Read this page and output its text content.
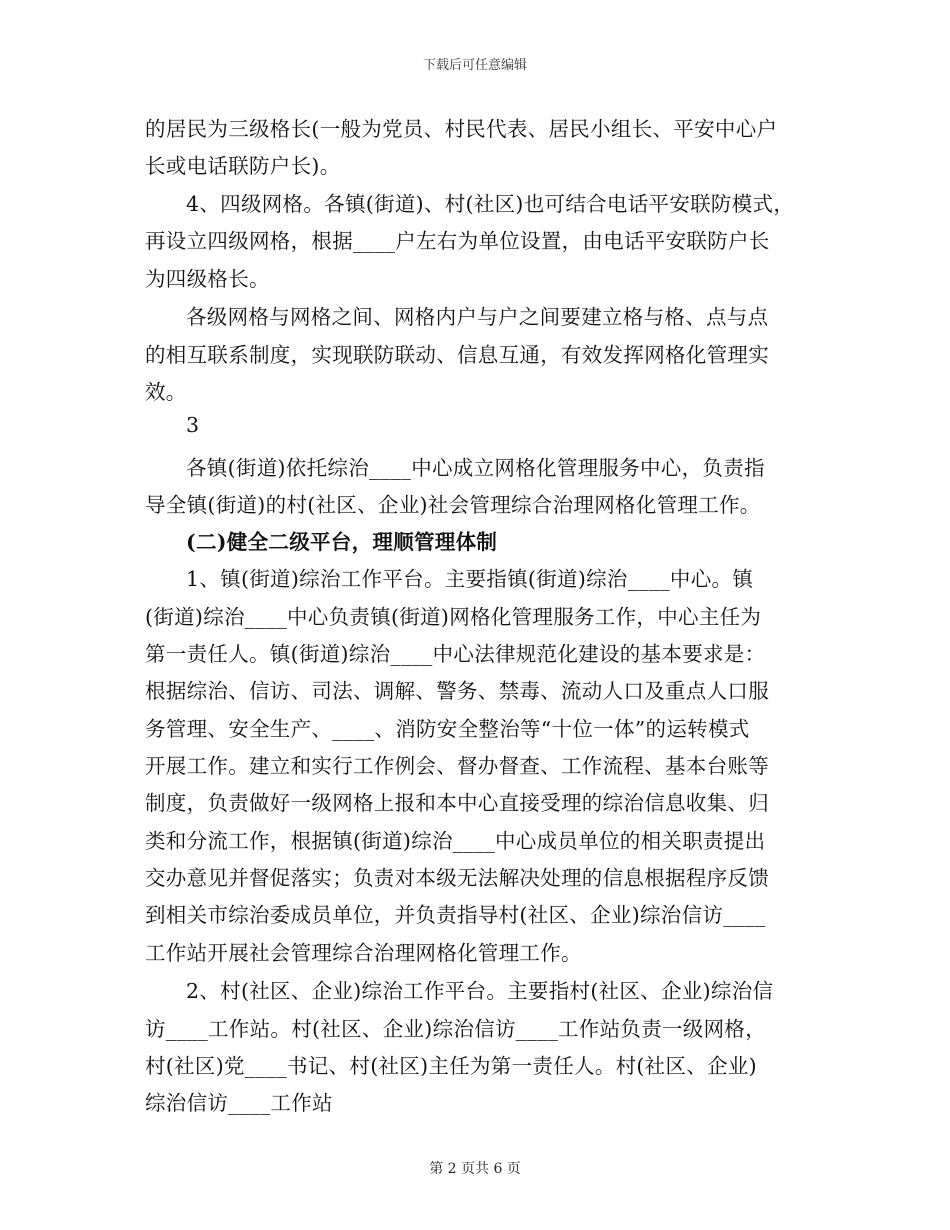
下载后可任意编辑
的居民为三级格长(一般为党员、村民代表、居民小组长、平安中心户
长或电话联防户长)。
4、四级网格。各镇(街道)、村(社区)也可结合电话平安联防模式，
再设立四级网格，根据____户左右为单位设置，由电话平安联防户长
为四级格长。
各级网格与网格之间、网格内户与户之间要建立格与格、点与点
的相互联系制度，实现联防联动、信息互通，有效发挥网格化管理实
效。
3
各镇(街道)依托综治____中心成立网格化管理服务中心，负责指
导全镇(街道)的村(社区、企业)社会管理综合治理网格化管理工作。
(二)健全二级平台，理顺管理体制
1、镇(街道)综治工作平台。主要指镇(街道)综治____中心。镇
(街道)综治____中心负责镇(街道)网格化管理服务工作，中心主任为
第一责任人。镇(街道)综治____中心法律规范化建设的基本要求是：
根据综治、信访、司法、调解、警务、禁毒、流动人口及重点人口服
务管理、安全生产、____、消防安全整治等“十位一体”的运转模式
开展工作。建立和实行工作例会、督办督查、工作流程、基本台账等
制度，负责做好一级网格上报和本中心直接受理的综治信息收集、归
类和分流工作，根据镇(街道)综治____中心成员单位的相关职责提出
交办意见并督促落实；负责对本级无法解决处理的信息根据程序反馈
到相关市综治委成员单位，并负责指导村(社区、企业)综治信访____
工作站开展社会管理综合治理网格化管理工作。
2、村(社区、企业)综治工作平台。主要指村(社区、企业)综治信
访____工作站。村(社区、企业)综治信访____工作站负责一级网格，
村(社区)党____书记、村(社区)主任为第一责任人。村(社区、企业)
综治信访____工作站
第 2 页共 6 页
